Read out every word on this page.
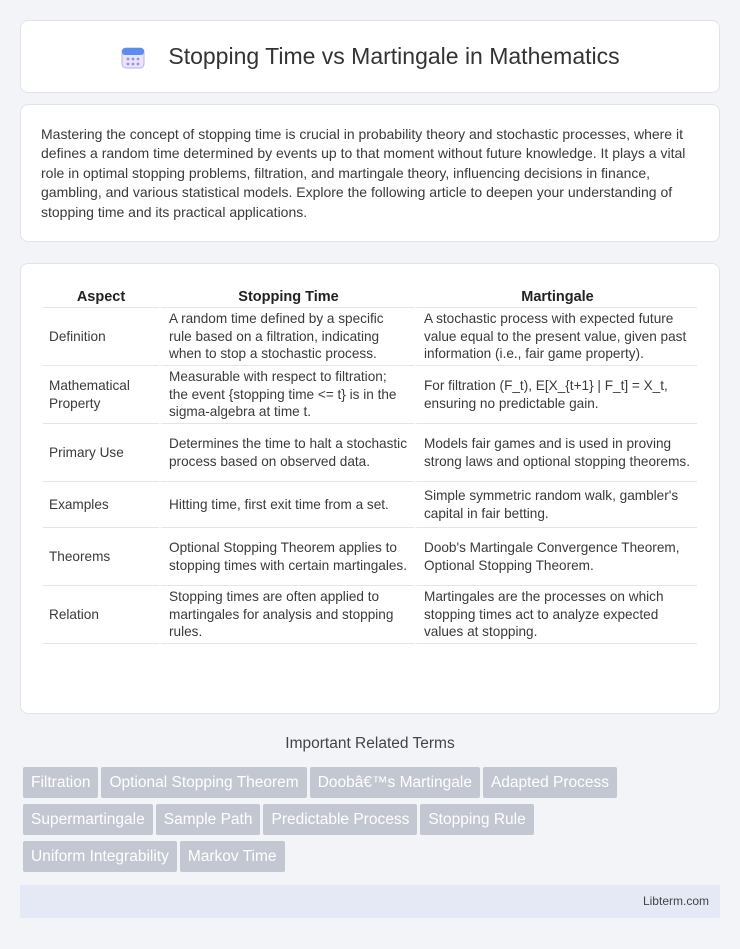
Stopping Time vs Martingale in Mathematics

Mastering the concept of stopping time is crucial in probability theory and stochastic processes, where it defines a random time determined by events up to that moment without future knowledge. It plays a vital role in optimal stopping problems, filtration, and martingale theory, influencing decisions in finance, gambling, and various statistical models. Explore the following article to deepen your understanding of stopping time and its practical applications.

Aspect	Stopping Time	Martingale
Definition	A random time defined by a specific rule based on a filtration, indicating when to stop a stochastic process.	A stochastic process with expected future value equal to the present value, given past information (i.e., fair game property).
Mathematical Property	Measurable with respect to filtration; the event {stopping time <= t} is in the sigma-algebra at time t.	For filtration (F_t), E[X_{t+1} | F_t] = X_t, ensuring no predictable gain.
Primary Use	Determines the time to halt a stochastic process based on observed data.	Models fair games and is used in proving strong laws and optional stopping theorems.
Examples	Hitting time, first exit time from a set.	Simple symmetric random walk, gambler's capital in fair betting.
Theorems	Optional Stopping Theorem applies to stopping times with certain martingales.	Doob's Martingale Convergence Theorem, Optional Stopping Theorem.
Relation	Stopping times are often applied to martingales for analysis and stopping rules.	Martingales are the processes on which stopping times act to analyze expected values at stopping.
Important Related Terms
Filtration Optional Stopping Theorem Doobâ€™s Martingale Adapted Process
Supermartingale Sample Path Predictable Process Stopping Rule
Uniform Integrability Markov Time
Libterm.com
